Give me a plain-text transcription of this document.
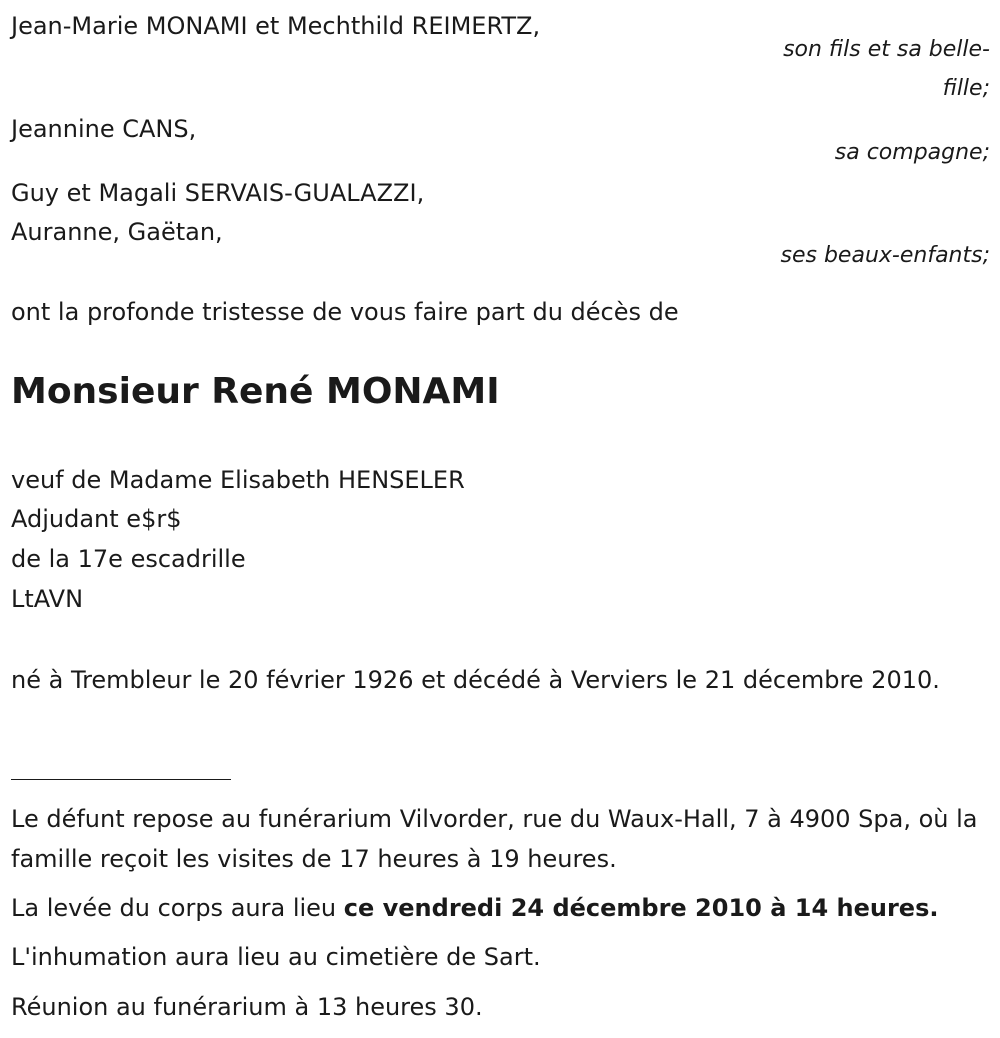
Jean-Marie MONAMI et Mechthild REIMERTZ,

son fils et sa belle-

fille;

Jeannine CANS,

sa compagne;

Guy et Magali SERVAIS-GUALAZZI,

Auranne, Gaëtan,

ses beaux-enfants;

ont la profonde tristesse de vous faire part du décès de

Monsieur René MONAMI

veuf de Madame Elisabeth HENSELER

Adjudant e$r$

de la 17e escadrille

LtAVN

né à Trembleur le 20 février 1926 et décédé à Verviers le 21 décembre 2010.

Le défunt repose au funérarium Vilvorder, rue du Waux-Hall, 7 à 4900 Spa, où la famille reçoit les visites de 17 heures à 19 heures.

La levée du corps aura lieu ce vendredi 24 décembre 2010 à 14 heures.

L'inhumation aura lieu au cimetière de Sart.

Réunion au funérarium à 13 heures 30.
